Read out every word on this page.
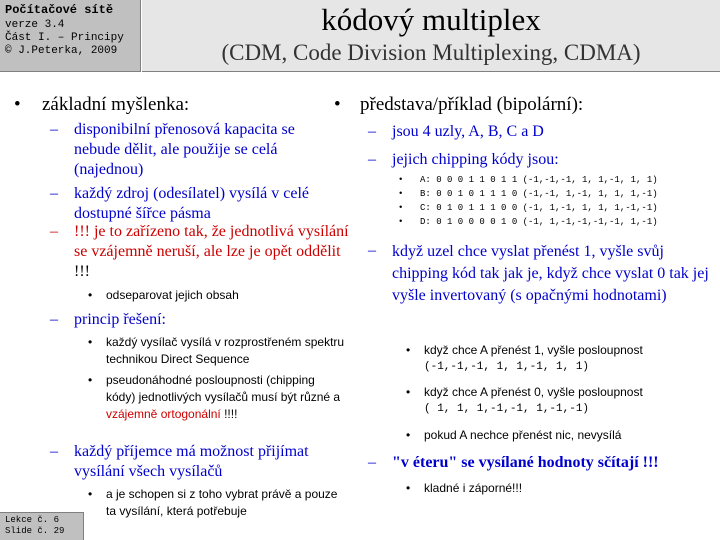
Počítačové sítě
verze 3.4
Část I. – Principy
© J.Peterka, 2009
kódový multiplex
(CDM, Code Division Multiplexing, CDMA)
• základní myšlenka:
– disponibilní přenosová kapacita se nebude dělit, ale použije se celá (najednou)
– každý zdroj (odesílatel) vysílá v celé dostupné šířce pásma
– !!! je to zařízeno tak, že jednotlivá vysílání se vzájemně neruší, ale lze je opět oddělit !!!
• odseparovat jejich obsah
– princip řešení:
• každý vysílač vysílá v rozprostřeném spektru technikou Direct Sequence
• pseudonáhodné posloupnosti (chipping kódy) jednotlivých vysílačů musí být různé a vzájemně ortogonální !!!!
– každý příjemce má možnost přijímat vysílání všech vysílačů
• a je schopen si z toho vybrat právě a pouze ta vysílání, která potřebuje
• představa/příklad (bipolární):
– jsou 4 uzly, A, B, C a D
– jejich chipping kódy jsou:
• A: 0 0 0 1 1 0 1 1 (-1,-1,-1, 1, 1,-1, 1, 1)
• B: 0 0 1 0 1 1 1 0 (-1,-1, 1,-1, 1, 1, 1,-1)
• C: 0 1 0 1 1 1 0 0 (-1, 1,-1, 1, 1, 1,-1,-1)
• D: 0 1 0 0 0 0 1 0 (-1, 1,-1,-1,-1,-1, 1,-1)
– když uzel chce vyslat přenést 1, vyšle svůj chipping kód tak jak je, když chce vyslat 0 tak jej vyšle invertovaný (s opačnými hodnotami)
• když chce A přenést 1, vyšle posloupnost
(-1,-1,-1, 1, 1,-1, 1, 1)
• když chce A přenést 0, vyšle posloupnost
( 1, 1, 1,-1,-1, 1,-1,-1)
• pokud A nechce přenést nic, nevysílá
– "v éteru" se vysílané hodnoty sčítají !!!
• kladné i záporné!!!
Lekce č. 6
Slide č. 29
